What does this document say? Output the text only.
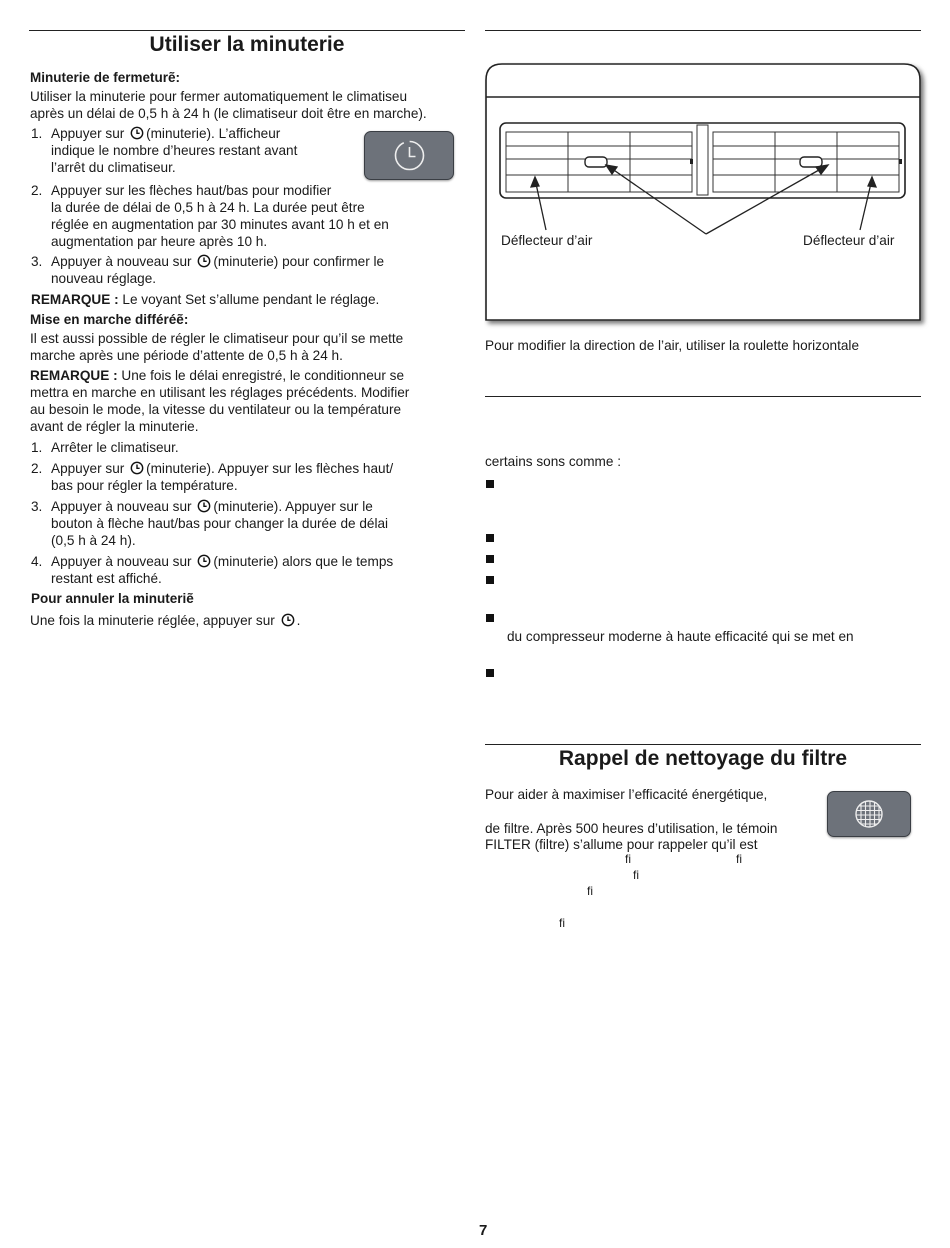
Utiliser la minuterie
Minuterie de fermeturẽ:
Utiliser la minuterie pour fermer automatiquement le climatiseu
après un délai de 0,5 h à 24 h (le climatiseur doit être en marche).
1. Appuyer sur (minuterie). L’afficheur
indique le nombre d’heures restant avant
l’arrêt du climatiseur.
2. Appuyer sur les flèches haut/bas pour modifier
la durée de délai de 0,5 h à 24 h. La durée peut être
réglée en augmentation par 30 minutes avant 10 h et en
augmentation par heure après 10 h.
3. Appuyer à nouveau sur (minuterie) pour confirmer le
nouveau réglage.
REMARQUE : Le voyant Set s’allume pendant le réglage.
Mise en marche différéẽ:
Il est aussi possible de régler le climatiseur pour qu’il se mette
marche après une période d’attente de 0,5 h à 24 h.
REMARQUE : Une fois le délai enregistré, le conditionneur se
mettra en marche en utilisant les réglages précédents. Modifier
au besoin le mode, la vitesse du ventilateur ou la température
avant de régler la minuterie.
1. Arrêter le climatiseur.
2. Appuyer sur (minuterie). Appuyer sur les flèches haut/
bas pour régler la température.
3. Appuyer à nouveau sur (minuterie). Appuyer sur le
bouton à flèche haut/bas pour changer la durée de délai
(0,5 h à 24 h).
4. Appuyer à nouveau sur (minuterie) alors que le temps
restant est affiché.
Pour annuler la minuteriẽ
Une fois la minuterie réglée, appuyer sur .
Déflecteur d’air	Déflecteur d’air
Pour modifier la direction de l’air, utiliser la roulette horizontale
certains sons comme :
du compresseur moderne à haute efficacité qui se met en
Rappel de nettoyage du filtre
Pour aider à maximiser l’efficacité énergétique,
de filtre. Après 500 heures d’utilisation, le témoin
FILTER (filtre) s’allume pour rappeler qu’il est
fi	fi
fi
fi
fi
7
